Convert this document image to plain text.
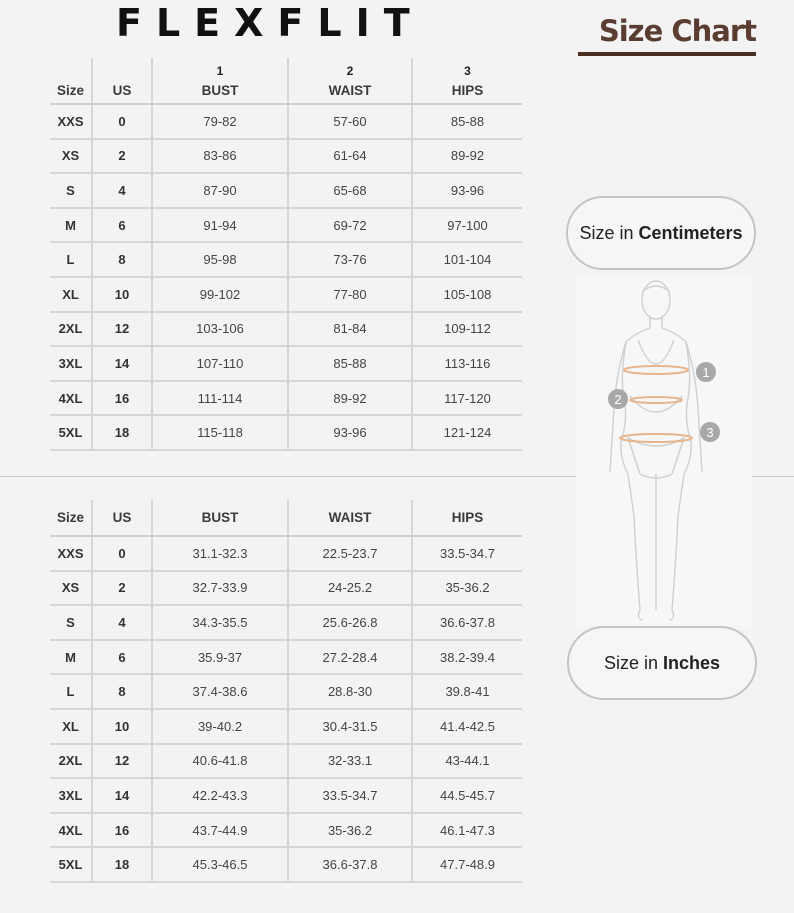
FLEXFLIT	Size Chart
		1	2	3
Size	US	BUST	WAIST	HIPS
XXS	0	79-82	57-60	85-88
XS	2	83-86	61-64	89-92
S	4	87-90	65-68	93-96
M	6	91-94	69-72	97-100
L	8	95-98	73-76	101-104
XL	10	99-102	77-80	105-108
2XL	12	103-106	81-84	109-112
3XL	14	107-110	85-88	113-116
4XL	16	111-114	89-92	117-120
5XL	18	115-118	93-96	121-124
Size	US	BUST	WAIST	HIPS
XXS	0	31.1-32.3	22.5-23.7	33.5-34.7
XS	2	32.7-33.9	24-25.2	35-36.2
S	4	34.3-35.5	25.6-26.8	36.6-37.8
M	6	35.9-37	27.2-28.4	38.2-39.4
L	8	37.4-38.6	28.8-30	39.8-41
XL	10	39-40.2	30.4-31.5	41.4-42.5
2XL	12	40.6-41.8	32-33.1	43-44.1
3XL	14	42.2-43.3	33.5-34.7	44.5-45.7
4XL	16	43.7-44.9	35-36.2	46.1-47.3
5XL	18	45.3-46.5	36.6-37.8	47.7-48.9
Size in Centimeters
Size in Inches
1
2
3
